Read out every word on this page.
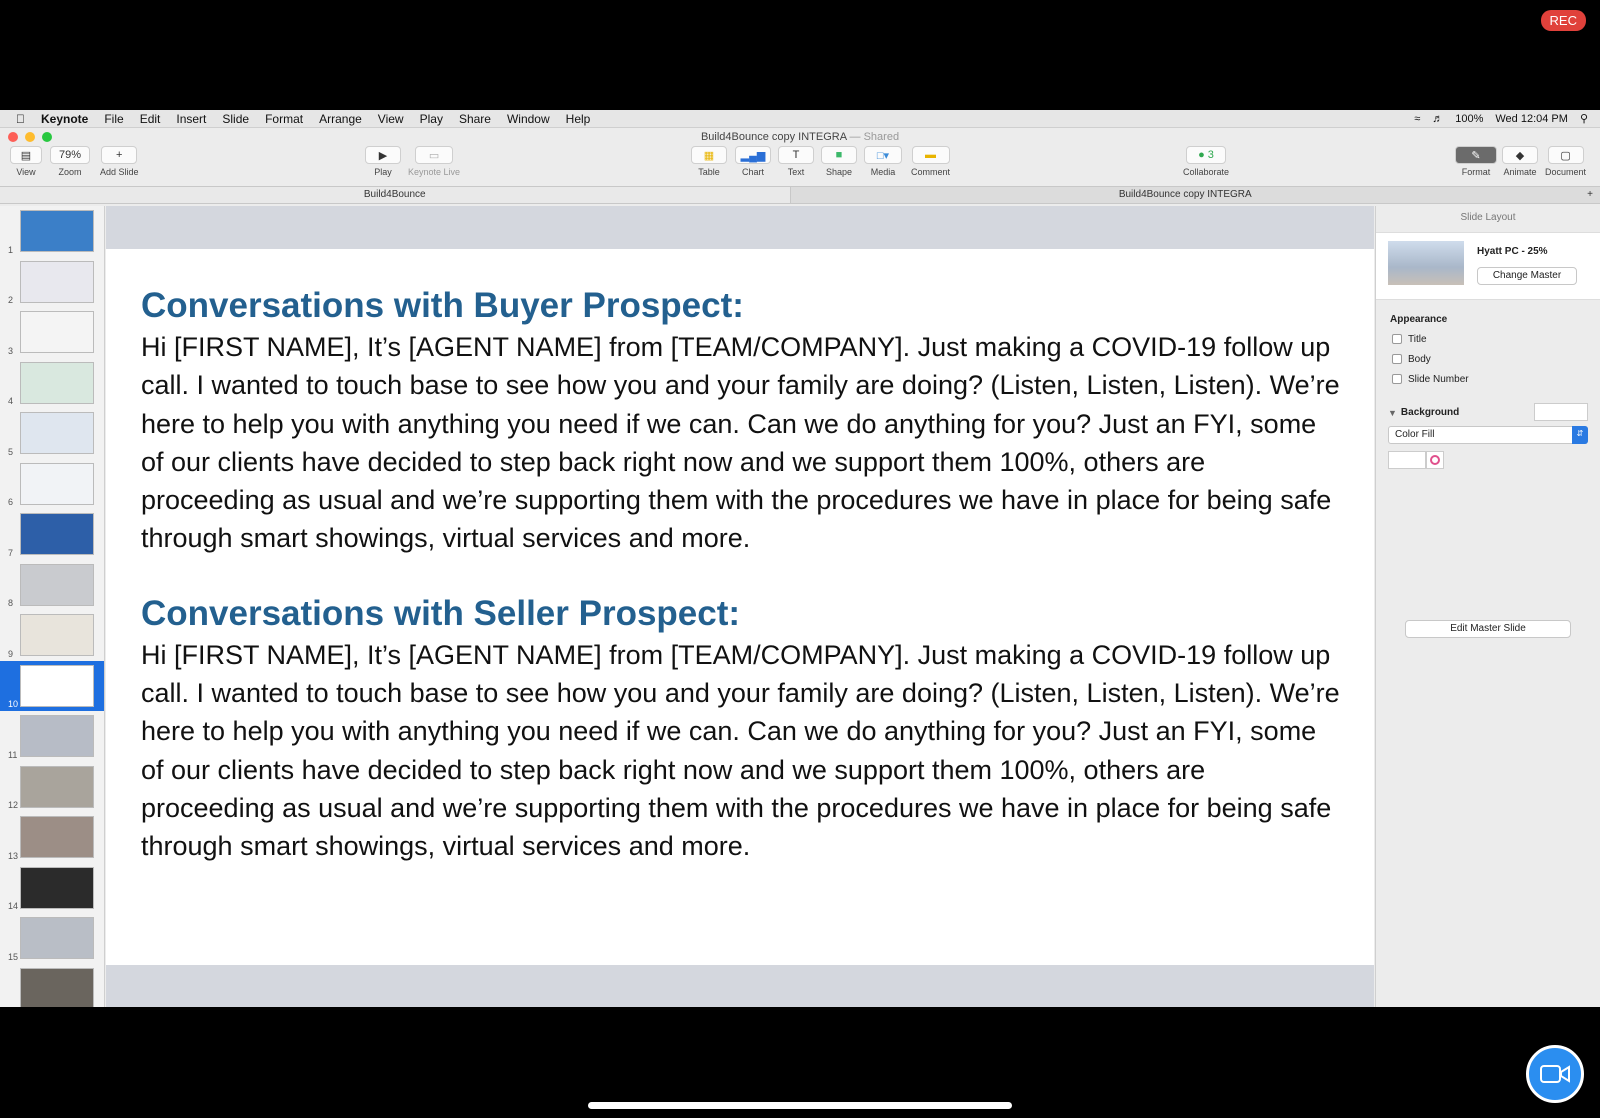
REC
Keynote File Edit Insert Slide Format Arrange View Play Share Window Help	≈ ♬ 100% Wed 12:04 PM ⚲
Build4Bounce copy INTEGRA — Shared
▤
View
79%
Zoom
+
Add Slide
▶
Play
▭
Keynote Live
▦
Table
▂▄▆
Chart
T
Text
■
Shape
□▾
Media
▬
Comment
● 3
Collaborate
✎
Format
◆
Animate
▢
Document
Build4Bounce	Build4Bounce copy INTEGRA	+
1
2
3
4
5
6
7
8
9
10
11
12
13
14
15
Conversations with Buyer Prospect:
Hi [FIRST NAME], It’s [AGENT NAME] from [TEAM/COMPANY]. Just making a COVID-19 follow up call. I wanted to touch base to see how you and your family are doing? (Listen, Listen, Listen). We’re here to help you with anything you need if we can. Can we do anything for you? Just an FYI, some of our clients have decided to step back right now and we support them 100%, others are proceeding as usual and we’re supporting them with the procedures we have in place for being safe through smart showings, virtual services and more.
Conversations with Seller Prospect:
Hi [FIRST NAME], It’s [AGENT NAME] from [TEAM/COMPANY]. Just making a COVID-19 follow up call. I wanted to touch base to see how you and your family are doing? (Listen, Listen, Listen). We’re here to help you with anything you need if we can. Can we do anything for you? Just an FYI, some of our clients have decided to step back right now and we support them 100%, others are proceeding as usual and we’re supporting them with the procedures we have in place for being safe through smart showings, virtual services and more.
Slide Layout
Hyatt PC - 25%
Change Master
Appearance
Title
Body
Slide Number
▼ Background
Color Fill	⇵
Edit Master Slide
